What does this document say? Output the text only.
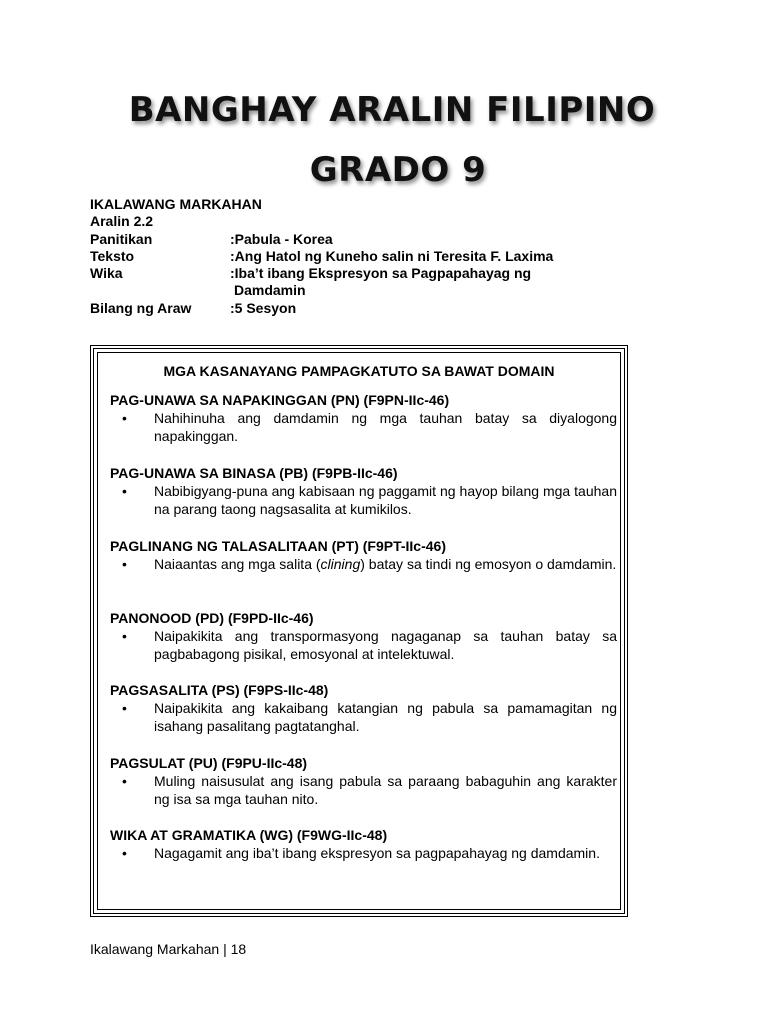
BANGHAY ARALIN FILIPINO
GRADO 9
IKALAWANG MARKAHAN
Aralin 2.2
Panitikan	:Pabula - Korea
Teksto	:Ang Hatol ng Kuneho salin ni Teresita F. Laxima
Wika	:Iba’t ibang Ekspresyon sa Pagpapahayag ng
Damdamin
Bilang ng Araw	:5 Sesyon
MGA KASANAYANG PAMPAGKATUTO SA BAWAT DOMAIN
PAG-UNAWA SA NAPAKINGGAN (PN) (F9PN-IIc-46)
•	Nahihinuha ang damdamin ng mga tauhan batay sa diyalogong napakinggan.
PAG-UNAWA SA BINASA (PB) (F9PB-IIc-46)
•	Nabibigyang-puna ang kabisaan ng paggamit ng hayop bilang mga tauhan na parang taong nagsasalita at kumikilos.
PAGLINANG NG TALASALITAAN (PT) (F9PT-IIc-46)
•	Naiaantas ang mga salita (clining) batay sa tindi ng emosyon o damdamin.
PANONOOD (PD) (F9PD-IIc-46)
•	Naipakikita ang transpormasyong nagaganap sa tauhan batay sa pagbabagong pisikal, emosyonal at intelektuwal.
PAGSASALITA (PS) (F9PS-IIc-48)
•	Naipakikita ang kakaibang katangian ng pabula sa pamamagitan ng isahang pasalitang pagtatanghal.
PAGSULAT (PU) (F9PU-IIc-48)
•	Muling naisusulat ang isang pabula sa paraang babaguhin ang karakter ng isa sa mga tauhan nito.
WIKA AT GRAMATIKA (WG) (F9WG-IIc-48)
•	Nagagamit ang iba’t ibang ekspresyon sa pagpapahayag ng damdamin.
Ikalawang Markahan | 18
